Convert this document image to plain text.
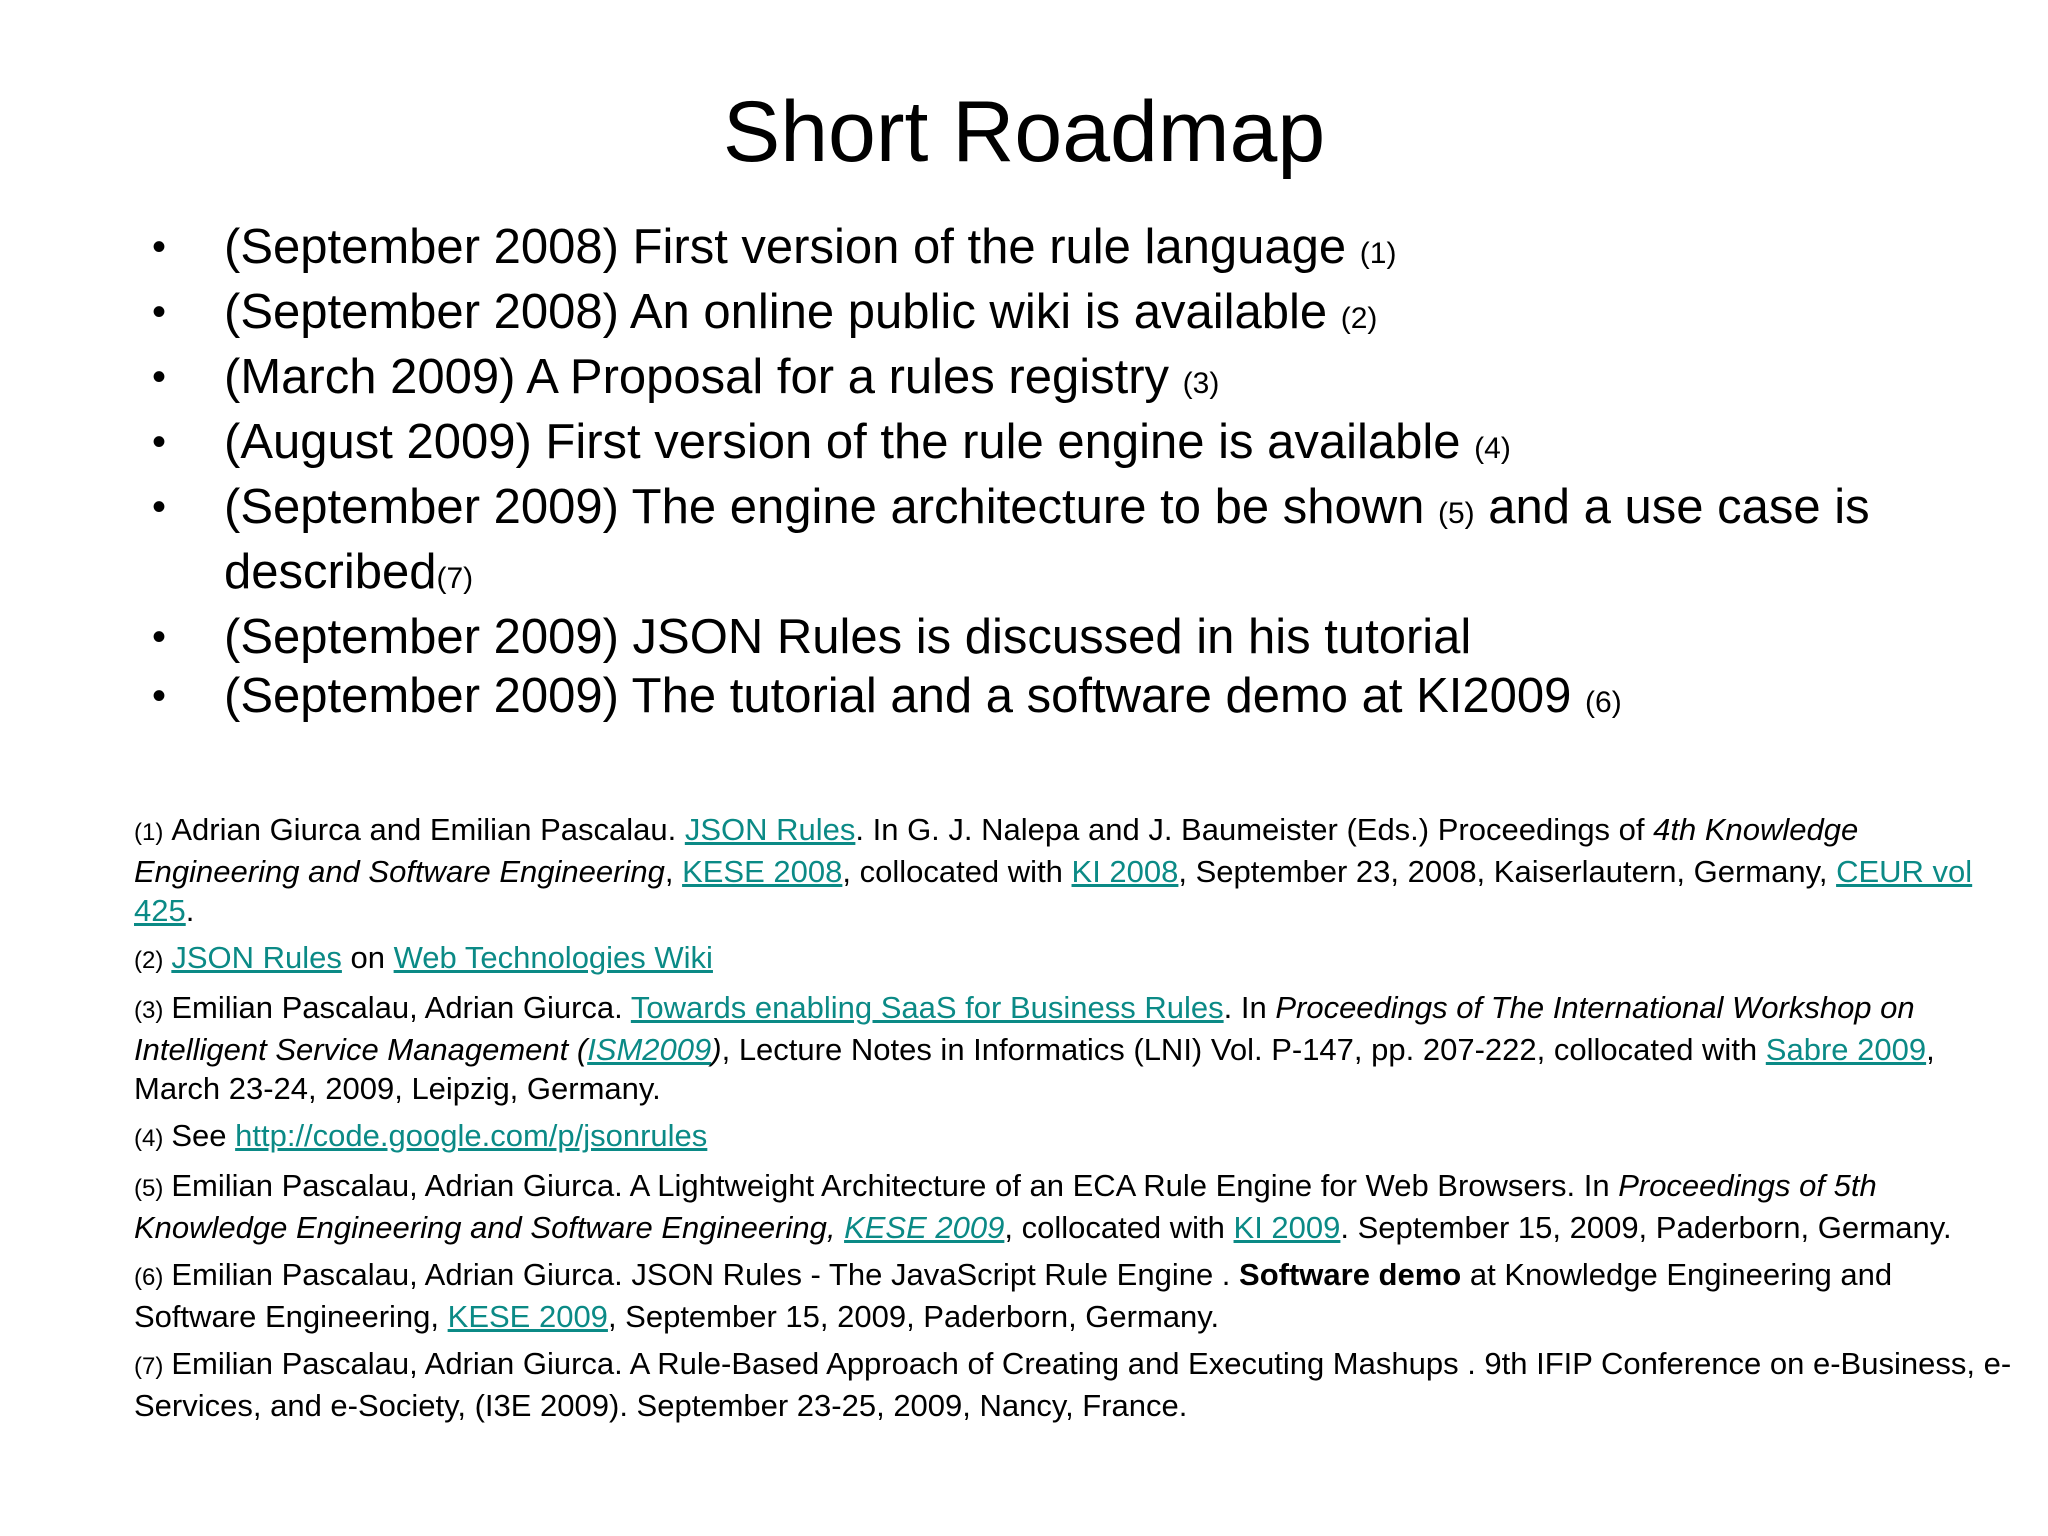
Short Roadmap
• (September 2008) First version of the rule language (1)
• (September 2008) An online public wiki is available (2)
• (March 2009) A Proposal for a rules registry (3)
• (August 2009) First version of the rule engine is available (4)
• (September 2009) The engine architecture to be shown (5) and a use case is described(7)
• (September 2009) JSON Rules is discussed in his tutorial
• (September 2009) The tutorial and a software demo at KI2009 (6)

(1) Adrian Giurca and Emilian Pascalau. JSON Rules. In G. J. Nalepa and J. Baumeister (Eds.) Proceedings of 4th Knowledge Engineering and Software Engineering, KESE 2008, collocated with KI 2008, September 23, 2008, Kaiserlautern, Germany, CEUR vol 425.

(2) JSON Rules on Web Technologies Wiki

(3) Emilian Pascalau, Adrian Giurca. Towards enabling SaaS for Business Rules. In Proceedings of The International Workshop on Intelligent Service Management (ISM2009), Lecture Notes in Informatics (LNI) Vol. P-147, pp. 207-222, collocated with Sabre 2009, March 23-24, 2009, Leipzig, Germany.

(4) See http://code.google.com/p/jsonrules

(5) Emilian Pascalau, Adrian Giurca. A Lightweight Architecture of an ECA Rule Engine for Web Browsers. In Proceedings of 5th Knowledge Engineering and Software Engineering, KESE 2009, collocated with KI 2009. September 15, 2009, Paderborn, Germany.

(6) Emilian Pascalau, Adrian Giurca. JSON Rules - The JavaScript Rule Engine . Software demo at Knowledge Engineering and Software Engineering, KESE 2009, September 15, 2009, Paderborn, Germany.

(7) Emilian Pascalau, Adrian Giurca. A Rule-Based Approach of Creating and Executing Mashups . 9th IFIP Conference on e-Business, e-Services, and e-Society, (I3E 2009). September 23-25, 2009, Nancy, France.
